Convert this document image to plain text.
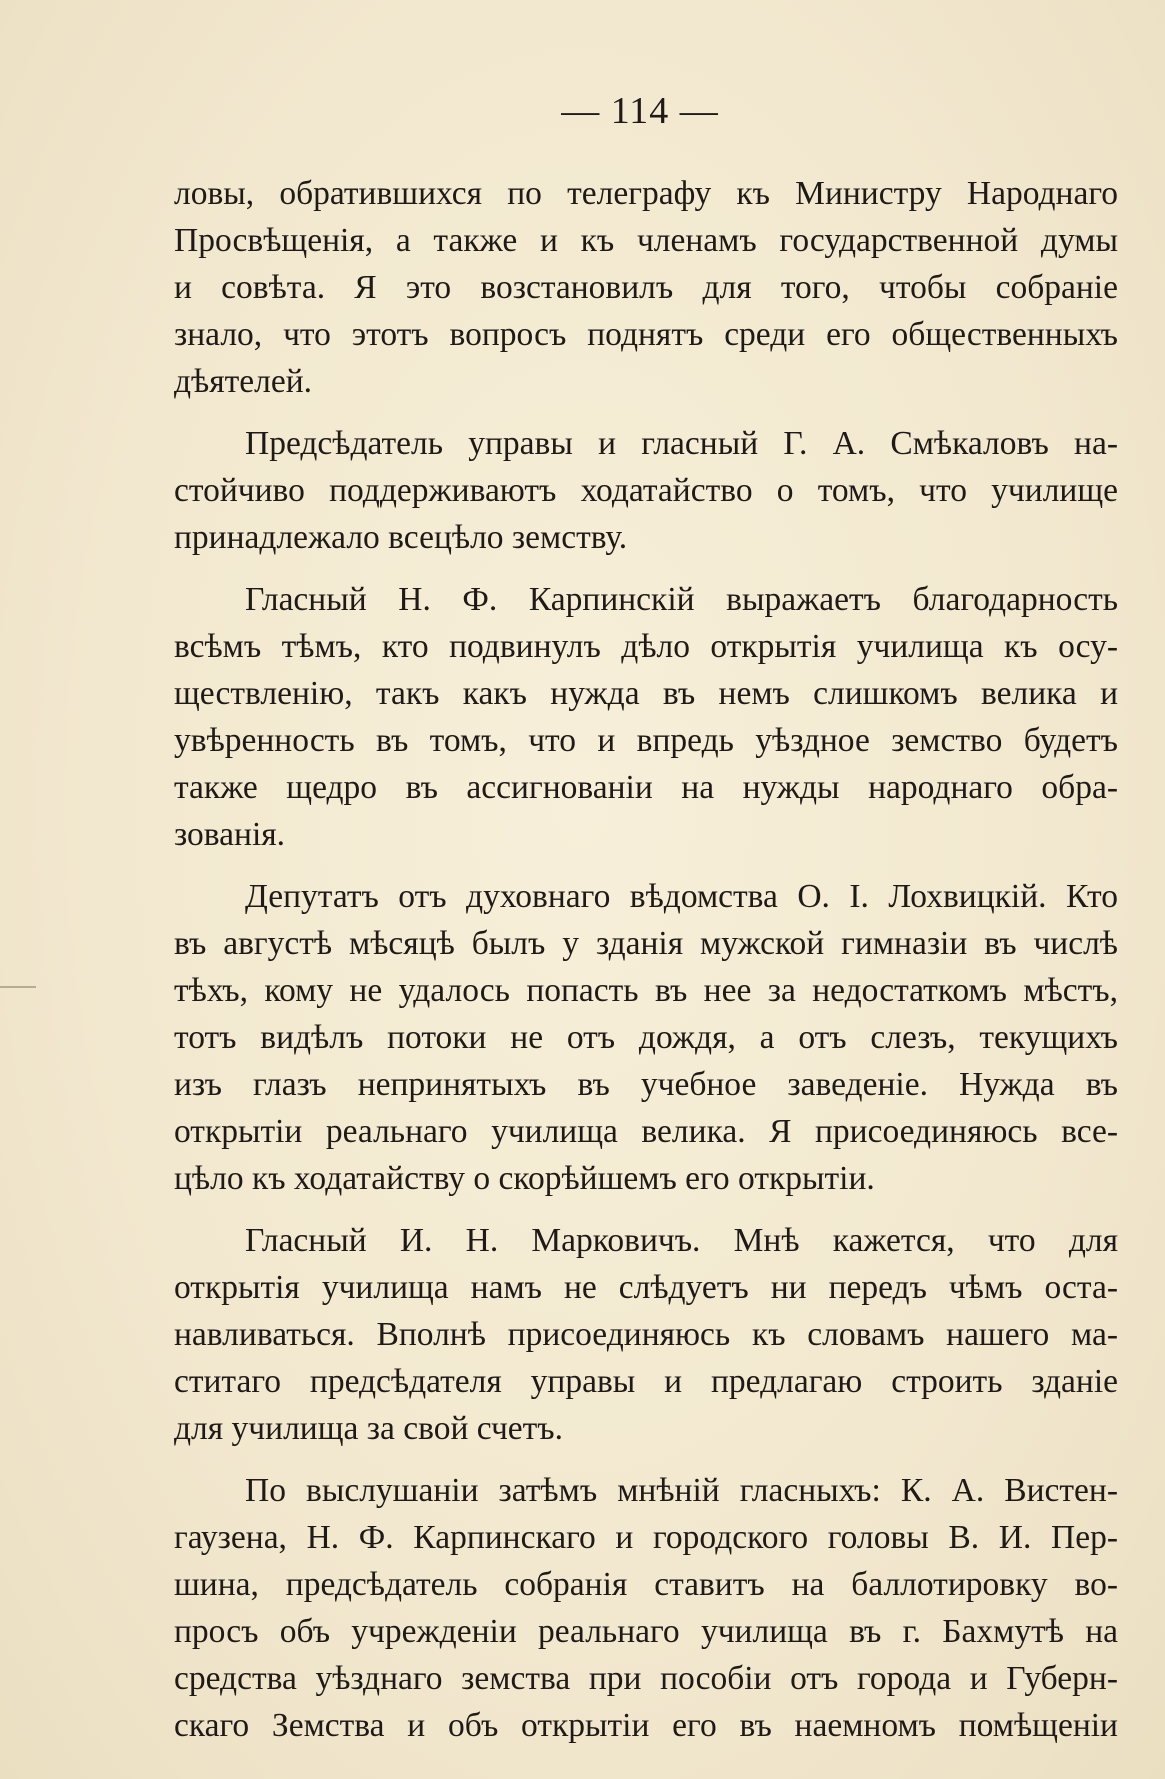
— 114 —
ловы, обратившихся по телеграфу къ Министру Народнаго
Просвѣщенія, а также и къ членамъ государственной думы
и совѣта. Я это возстановилъ для того, чтобы собраніе
знало, что этотъ вопросъ поднятъ среди его общественныхъ
дѣятелей.
Предсѣдатель управы и гласный Г. А. Смѣкаловъ на-
стойчиво поддерживаютъ ходатайство о томъ, что училище
принадлежало всецѣло земству.
Гласный Н. Ф. Карпинскій выражаетъ благодарность
всѣмъ тѣмъ, кто подвинулъ дѣло открытія училища къ осу-
ществленію, такъ какъ нужда въ немъ слишкомъ велика и
увѣренность въ томъ, что и впредь уѣздное земство будетъ
также щедро въ ассигнованіи на нужды народнаго обра-
зованія.
Депутатъ отъ духовнаго вѣдомства О. І. Лохвицкій. Кто
въ августѣ мѣсяцѣ былъ у зданія мужской гимназіи въ числѣ
тѣхъ, кому не удалось попасть въ нее за недостаткомъ мѣстъ,
тотъ видѣлъ потоки не отъ дождя, а отъ слезъ, текущихъ
изъ глазъ непринятыхъ въ учебное заведеніе. Нужда въ
открытіи реальнаго училища велика. Я присоединяюсь все-
цѣло къ ходатайству о скорѣйшемъ его открытіи.
Гласный И. Н. Марковичъ. Мнѣ кажется, что для
открытія училища намъ не слѣдуетъ ни передъ чѣмъ оста-
навливаться. Вполнѣ присоединяюсь къ словамъ нашего ма-
ститаго предсѣдателя управы и предлагаю строить зданіе
для училища за свой счетъ.
По выслушаніи затѣмъ мнѣній гласныхъ: К. А. Вистен-
гаузена, Н. Ф. Карпинскаго и городского головы В. И. Пер-
шина, предсѣдатель собранія ставитъ на баллотировку во-
просъ объ учрежденіи реальнаго училища въ г. Бахмутѣ на
средства уѣзднаго земства при пособіи отъ города и Губерн-
скаго Земства и объ открытіи его въ наемномъ помѣщеніи
